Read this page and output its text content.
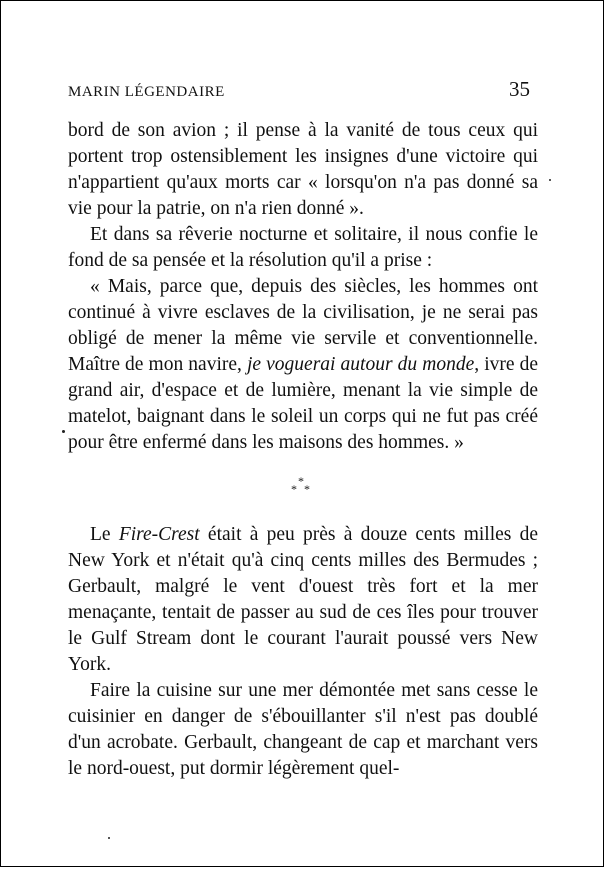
MARIN LÉGENDAIRE	35

bord de son avion ; il pense à la vanité de tous ceux qui portent trop ostensiblement les insignes d'une victoire qui n'appartient qu'aux morts car « lorsqu'on n'a pas donné sa vie pour la patrie, on n'a rien donné ».

Et dans sa rêverie nocturne et solitaire, il nous confie le fond de sa pensée et la résolution qu'il a prise :

« Mais, parce que, depuis des siècles, les hommes ont continué à vivre esclaves de la civilisation, je ne serai pas obligé de mener la même vie servile et conventionnelle. Maître de mon navire, je voguerai autour du monde, ivre de grand air, d'espace et de lumière, menant la vie simple de matelot, baignant dans le soleil un corps qui ne fut pas créé pour être enfermé dans les maisons des hommes. »

*
* *

Le Fire-Crest était à peu près à douze cents milles de New York et n'était qu'à cinq cents milles des Bermudes ; Gerbault, malgré le vent d'ouest très fort et la mer menaçante, tentait de passer au sud de ces îles pour trouver le Gulf Stream dont le courant l'aurait poussé vers New York.

Faire la cuisine sur une mer démontée met sans cesse le cuisinier en danger de s'ébouillanter s'il n'est pas doublé d'un acrobate. Gerbault, changeant de cap et marchant vers le nord-ouest, put dormir légèrement quel-
